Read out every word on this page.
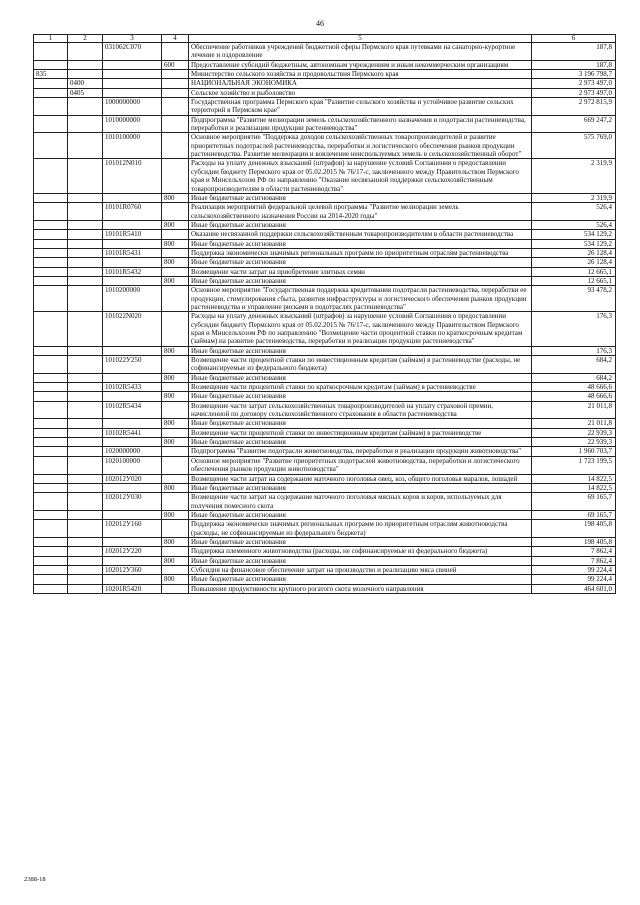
46
1	2	3	4	5	6
		031062С070		Обеспечение работников учреждений бюджетной сферы Пермского края путевками на санаторно-курортное лечение и оздоровление	187,8
			600	Предоставление субсидий бюджетным, автономным учреждениям и иным некоммерческим организациям	187,8
835				Министерство сельского хозяйства и продовольствия Пермского края	3 196 798,7
	0400			НАЦИОНАЛЬНАЯ ЭКОНОМИКА	2 973 497,0
	0405			Сельское хозяйство и рыболовство	2 973 497,0
		1000000000		Государственная программа Пермского края "Развитие сельского хозяйства и устойчивое развитие сельских территорий в Пермском крае"	2 972 815,9
		1010000000		Подпрограмма "Развитие мелиорации земель сельскохозяйственного назначения и подотрасли растениеводства, переработки и реализации продукции растениеводства"	669 247,2
		1010100000		Основное мероприятие "Поддержка доходов сельскохозяйственных товаропроизводителей и развитие приоритетных подотраслей растениеводства, переработки и логистического обеспечения рынков продукции растениеводства. Развитие мелиорации и вовлечение неиспользуемых земель в сельскохозяйственный оборот"	575 769,0
		101012N010		Расходы на уплату денежных взысканий (штрафов) за нарушение условий Соглашения о предоставлении субсидии бюджету Пермского края от 05.02.2015 № 76/17-с, заключенного между Правительством Пермского края и Минсельхозом РФ по направлению "Оказание несвязанной поддержки сельскохозяйственным товаропроизводителям в области растениеводства"	2 319,9
			800	Иные бюджетные ассигнования	2 319,9
		10101R0760		Реализация мероприятий федеральной целевой программы "Развитие мелиорации земель сельскохозяйственного назначения России на 2014-2020 годы"	526,4
			800	Иные бюджетные ассигнования	526,4
		10101R5410		Оказание несвязанной поддержки сельскохозяйственным товаропроизводителям в области растениеводства	534 129,2
			800	Иные бюджетные ассигнования	534 129,2
		10101R5431		Поддержка экономически значимых региональных программ по приоритетным отраслям растениеводства	26 128,4
			800	Иные бюджетные ассигнования	26 128,4
		10101R5432		Возмещение части затрат на приобретение элитных семян	12 665,1
			800	Иные бюджетные ассигнования	12 665,1
		1010200000		Основное мероприятие "Государственная поддержка кредитования подотрасли растениеводства, переработки ее продукции, стимулирования сбыта, развития инфраструктуры и логистического обеспечения рынков продукции растениеводства и управление рисками в подотраслях растениеводства"	93 478,2
		101022N020		Расходы на уплату денежных взысканий (штрафов) за нарушение условий Соглашения о предоставлении субсидии бюджету Пермского края от 05.02.2015 № 76/17-с, заключенного между Правительством Пермского края и Минсельхозом РФ по направлению "Возмещение части процентной ставки по краткосрочным кредитам (займам) на развитие растениеводства, переработки и реализации продукции растениеводства"	176,3
			800	Иные бюджетные ассигнования	176,3
		101022У250		Возмещение части процентной ставки по инвестиционным кредитам (займам) в растениеводстве (расходы, не софинансируемые из федерального бюджета)	684,2
			800	Иные бюджетные ассигнования	684,2
		10102R5433		Возмещение части процентной ставки по краткосрочным кредитам (займам) в растениеводстве	48 666,6
			800	Иные бюджетные ассигнования	48 666,6
		10102R5434		Возмещение части затрат сельскохозяйственных товаропроизводителей на уплату страховой премии, начисленной по договору сельскохозяйственного страхования в области растениеводства	21 011,8
			800	Иные бюджетные ассигнования	21 011,8
		10102R5441		Возмещение части процентной ставки по инвестиционным кредитам (займам) в растениеводстве	22 939,3
			800	Иные бюджетные ассигнования	22 939,3
		1020000000		Подпрограмма "Развитие подотрасли животноводства, переработки и реализации продукции животноводства"	1 960 703,7
		1020100000		Основное мероприятие "Развитие приоритетных подотраслей животноводства, переработки и логистического обеспечения рынков продукции животноводства"	1 723 199,5
		102012У020		Возмещение части затрат на содержание маточного поголовья овец, коз, общего поголовья маралов, лошадей	14 822,5
			800	Иные бюджетные ассигнования	14 822,5
		102012У030		Возмещение части затрат на содержание маточного поголовья мясных коров и коров, используемых для получения помесного скота	69 165,7
			800	Иные бюджетные ассигнования	69 165,7
		102012У160		Поддержка экономически значимых региональных программ по приоритетным отраслям животноводства (расходы, не софинансируемые из федерального бюджета)	198 405,8
			800	Иные бюджетные ассигнования	198 405,8
		102012У220		Поддержка племенного животноводства (расходы, не софинансируемые из федерального бюджета)	7 862,4
			800	Иные бюджетные ассигнования	7 862,4
		102012У360		Субсидия на финансовое обеспечение затрат на производство и реализацию мяса свиней	99 224,4
			800	Иные бюджетные ассигнования	99 224,4
		10201R5420		Повышение продуктивности крупного рогатого скота молочного направления	464 601,0
2388-18
